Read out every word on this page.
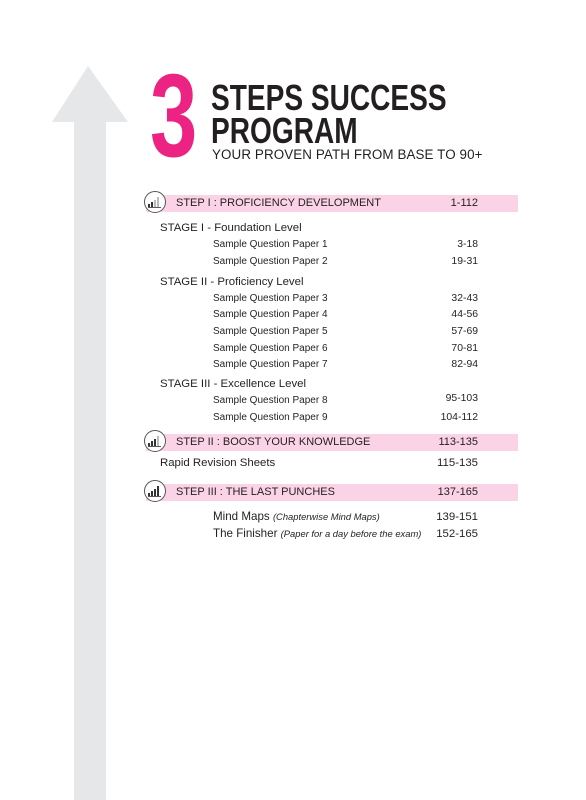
3 STEPS SUCCESS
PROGRAM
YOUR PROVEN PATH FROM BASE TO 90+
STEP I : PROFICIENCY DEVELOPMENT	1-112
STAGE I - Foundation Level
Sample Question Paper 1	3-18
Sample Question Paper 2	19-31
STAGE II - Proficiency Level
Sample Question Paper 3	32-43
Sample Question Paper 4	44-56
Sample Question Paper 5	57-69
Sample Question Paper 6	70-81
Sample Question Paper 7	82-94
STAGE III - Excellence Level
Sample Question Paper 8	95-103
Sample Question Paper 9	104-112
STEP II : BOOST YOUR KNOWLEDGE	113-135
Rapid Revision Sheets	115-135
STEP III : THE LAST PUNCHES	137-165
Mind Maps (Chapterwise Mind Maps)	139-151
The Finisher (Paper for a day before the exam) 152-165
